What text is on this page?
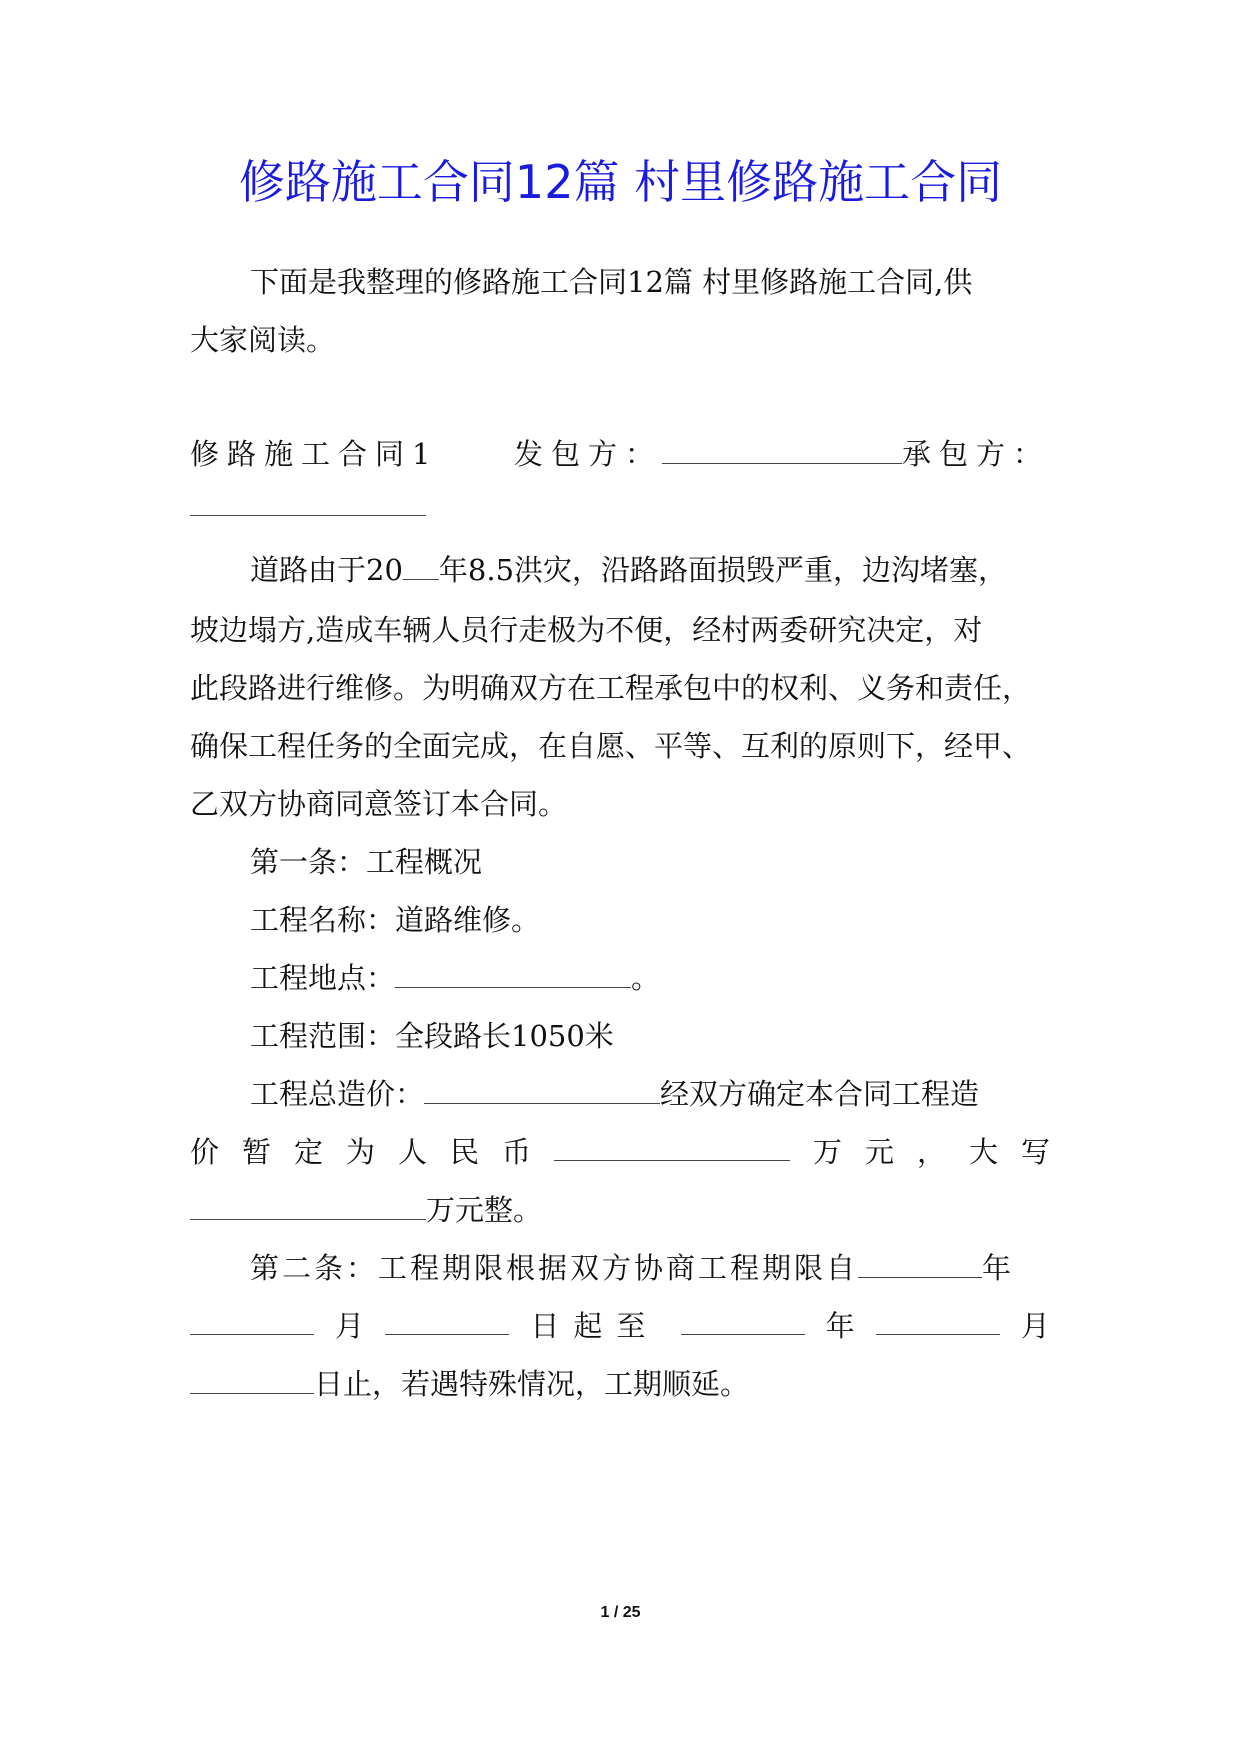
修路施工合同12篇 村里修路施工合同
下面是我整理的修路施工合同12篇 村里修路施工合同,供
大家阅读。
修路施工合同1	发包方：	承包方：
道路由于20 年8.5洪灾，沿路路面损毁严重，边沟堵塞，
坡边塌方,造成车辆人员行走极为不便，经村两委研究决定，对
此段路进行维修。为明确双方在工程承包中的权利、义务和责任，
确保工程任务的全面完成，在自愿、平等、互利的原则下，经甲、
乙双方协商同意签订本合同。
第一条：工程概况
工程名称：道路维修。
工程地点：	。
工程范围：全段路长1050米
工程总造价：	经双方确定本合同工程造
价 暂 定 为 人 民 币	万 元 ， 大 写
万元整。
第二条：工程期限根据双方协商工程期限自	年
月	日起至	年	月
日止，若遇特殊情况，工期顺延。
1 / 25
